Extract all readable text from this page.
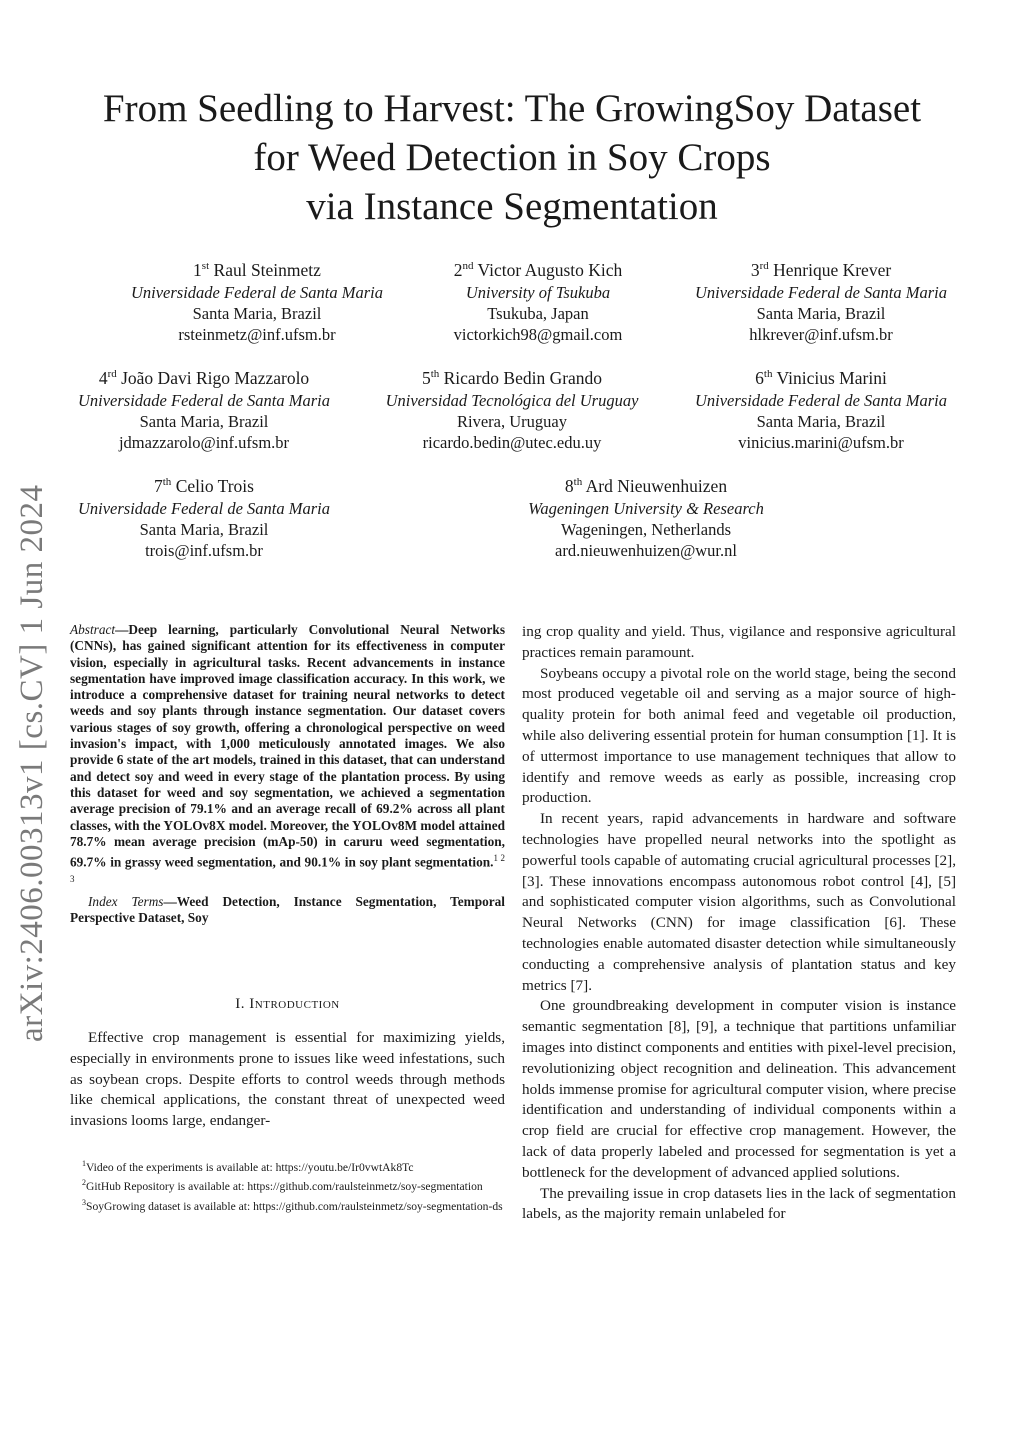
arXiv:2406.00313v1 [cs.CV] 1 Jun 2024
From Seedling to Harvest: The GrowingSoy Dataset
for Weed Detection in Soy Crops
via Instance Segmentation
1st Raul Steinmetz
Universidade Federal de Santa Maria
Santa Maria, Brazil
rsteinmetz@inf.ufsm.br
2nd Victor Augusto Kich
University of Tsukuba
Tsukuba, Japan
victorkich98@gmail.com
3rd Henrique Krever
Universidade Federal de Santa Maria
Santa Maria, Brazil
hlkrever@inf.ufsm.br
4rd João Davi Rigo Mazzarolo
Universidade Federal de Santa Maria
Santa Maria, Brazil
jdmazzarolo@inf.ufsm.br
5th Ricardo Bedin Grando
Universidad Tecnológica del Uruguay
Rivera, Uruguay
ricardo.bedin@utec.edu.uy
6th Vinicius Marini
Universidade Federal de Santa Maria
Santa Maria, Brazil
vinicius.marini@ufsm.br
7th Celio Trois
Universidade Federal de Santa Maria
Santa Maria, Brazil
trois@inf.ufsm.br
8th Ard Nieuwenhuizen
Wageningen University & Research
Wageningen, Netherlands
ard.nieuwenhuizen@wur.nl

Abstract—Deep learning, particularly Convolutional Neural Networks (CNNs), has gained significant attention for its effectiveness in computer vision, especially in agricultural tasks. Recent advancements in instance segmentation have improved image classification accuracy. In this work, we introduce a comprehensive dataset for training neural networks to detect weeds and soy plants through instance segmentation. Our dataset covers various stages of soy growth, offering a chronological perspective on weed invasion's impact, with 1,000 meticulously annotated images. We also provide 6 state of the art models, trained in this dataset, that can understand and detect soy and weed in every stage of the plantation process. By using this dataset for weed and soy segmentation, we achieved a segmentation average precision of 79.1% and an average recall of 69.2% across all plant classes, with the YOLOv8X model. Moreover, the YOLOv8M model attained 78.7% mean average precision (mAp-50) in caruru weed segmentation, 69.7% in grassy weed segmentation, and 90.1% in soy plant segmentation.$^{1 2 3}$

Index Terms—Weed Detection, Instance Segmentation, Temporal Perspective Dataset, Soy

I. Introduction

Effective crop management is essential for maximizing yields, especially in environments prone to issues like weed infestations, such as soybean crops. Despite efforts to control weeds through methods like chemical applications, the constant threat of unexpected weed invasions looms large, endanger-

$^1$Video of the experiments is available at: https://youtu.be/Ir0vwtAk8Tc

$^2$GitHub Repository is available at: https://github.com/raulsteinmetz/soy-segmentation

$^3$SoyGrowing dataset is available at: https://github.com/raulsteinmetz/soy-segmentation-ds

ing crop quality and yield. Thus, vigilance and responsive agricultural practices remain paramount.

Soybeans occupy a pivotal role on the world stage, being the second most produced vegetable oil and serving as a major source of high-quality protein for both animal feed and vegetable oil production, while also delivering essential protein for human consumption [1]. It is of uttermost importance to use management techniques that allow to identify and remove weeds as early as possible, increasing crop production.

In recent years, rapid advancements in hardware and software technologies have propelled neural networks into the spotlight as powerful tools capable of automating crucial agricultural processes [2], [3]. These innovations encompass autonomous robot control [4], [5] and sophisticated computer vision algorithms, such as Convolutional Neural Networks (CNN) for image classification [6]. These technologies enable automated disaster detection while simultaneously conducting a comprehensive analysis of plantation status and key metrics [7].

One groundbreaking development in computer vision is instance semantic segmentation [8], [9], a technique that partitions unfamiliar images into distinct components and entities with pixel-level precision, revolutionizing object recognition and delineation. This advancement holds immense promise for agricultural computer vision, where precise identification and understanding of individual components within a crop field are crucial for effective crop management. However, the lack of data properly labeled and processed for segmentation is yet a bottleneck for the development of advanced applied solutions.

The prevailing issue in crop datasets lies in the lack of segmentation labels, as the majority remain unlabeled for
